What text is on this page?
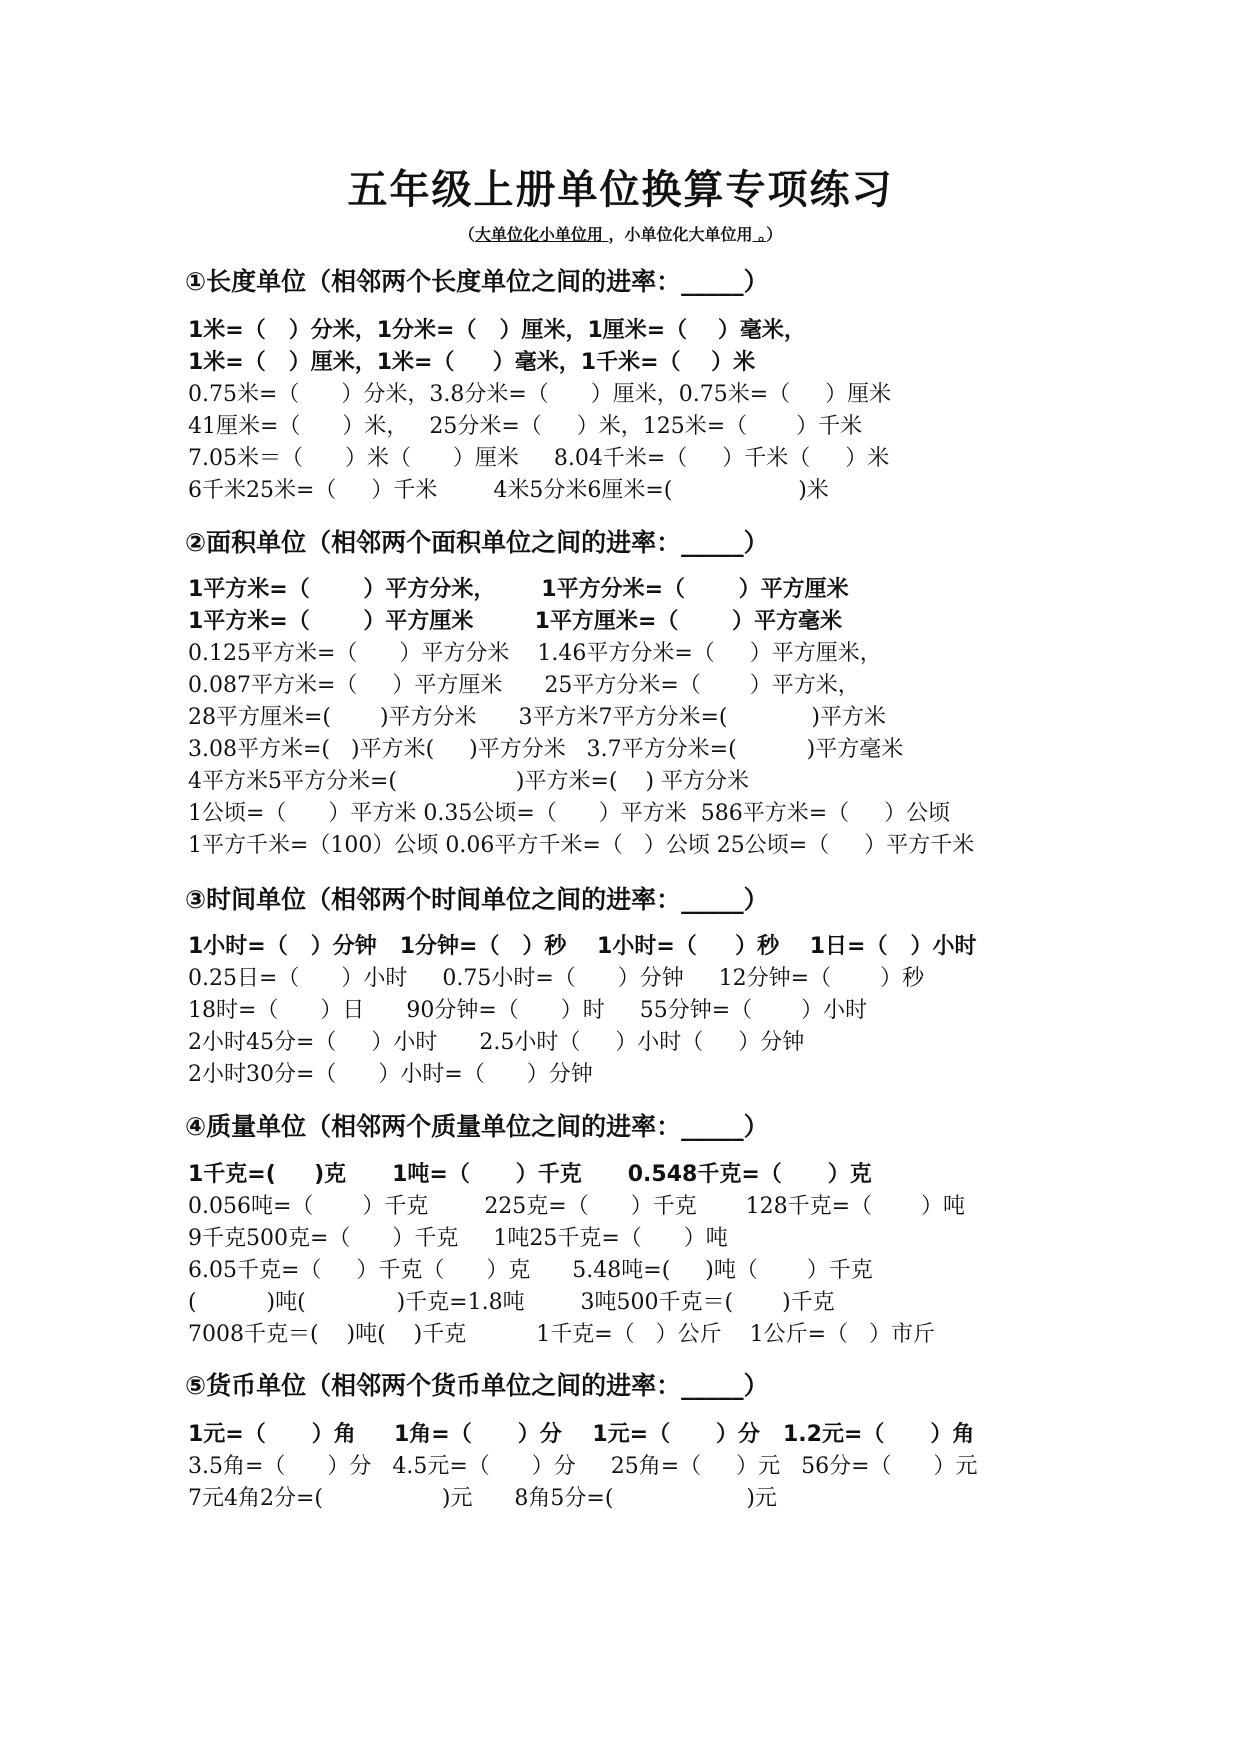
五年级上册单位换算专项练习
（大单位化小单位用 ，小单位化大单位用 。）
①长度单位（相邻两个长度单位之间的进率：_____）
1米=（   ）分米，1分米=（   ）厘米，1厘米=（    ）毫米，
1米=（   ）厘米，1米=（     ）毫米，1千米=（    ）米
0.75米=（      ）分米，3.8分米=（      ）厘米，0.75米=（     ）厘米
41厘米=（      ）米，   25分米=（     ）米，125米=（       ）千米
7.05米＝（      ）米（      ）厘米     8.04千米=（     ）千米（     ）米
6千米25米=（     ）千米        4米5分米6厘米=(                  )米
②面积单位（相邻两个面积单位之间的进率：_____）
1平方米=（       ）平方分米，      1平方分米=（       ）平方厘米
1平方米=（       ）平方厘米        1平方厘米=（       ）平方毫米
0.125平方米=（      ）平方分米    1.46平方分米=（     ）平方厘米，
0.087平方米=（     ）平方厘米      25平方分米=（       ）平方米，
28平方厘米=(       )平方分米      3平方米7平方分米=(            )平方米
3.08平方米=(   )平方米(     )平方分米   3.7平方分米=(          )平方毫米
4平方米5平方分米=(                 )平方米=(    ) 平方分米
1公顷=（      ）平方米 0.35公顷=（      ）平方米  586平方米=（     ）公顷
1平方千米=（100）公顷 0.06平方千米=（   ）公顷 25公顷=（     ）平方千米
③时间单位（相邻两个时间单位之间的进率：_____）
1小时=（   ）分钟   1分钟=（   ）秒    1小时=（     ）秒    1日=（   ）小时
0.25日=（      ）小时     0.75小时=（      ）分钟     12分钟=（       ）秒
18时=（      ）日      90分钟=（      ）时     55分钟=（       ）小时
2小时45分=（     ）小时      2.5小时（     ）小时（     ）分钟
2小时30分=（      ）小时=（      ）分钟
④质量单位（相邻两个质量单位之间的进率：_____）
1千克=(     )克      1吨=（      ）千克      0.548千克=（      ）克
0.056吨=（       ）千克        225克=（      ）千克       128千克=（       ）吨
9千克500克=（      ）千克     1吨25千克=（      ）吨
6.05千克=（     ）千克（      ）克      5.48吨=(     )吨（       ）千克
(          )吨(             )千克=1.8吨        3吨500千克＝(       )千克
7008千克＝(    )吨(    )千克          1千克=（   ）公斤    1公斤=（   ）市斤
⑤货币单位（相邻两个货币单位之间的进率：_____）
1元=（      ）角     1角=（      ）分    1元=（      ）分   1.2元=（      ）角
3.5角=（      ）分   4.5元=（      ）分     25角=（     ）元   56分=（      ）元
7元4角2分=(                 )元      8角5分=(                   )元
